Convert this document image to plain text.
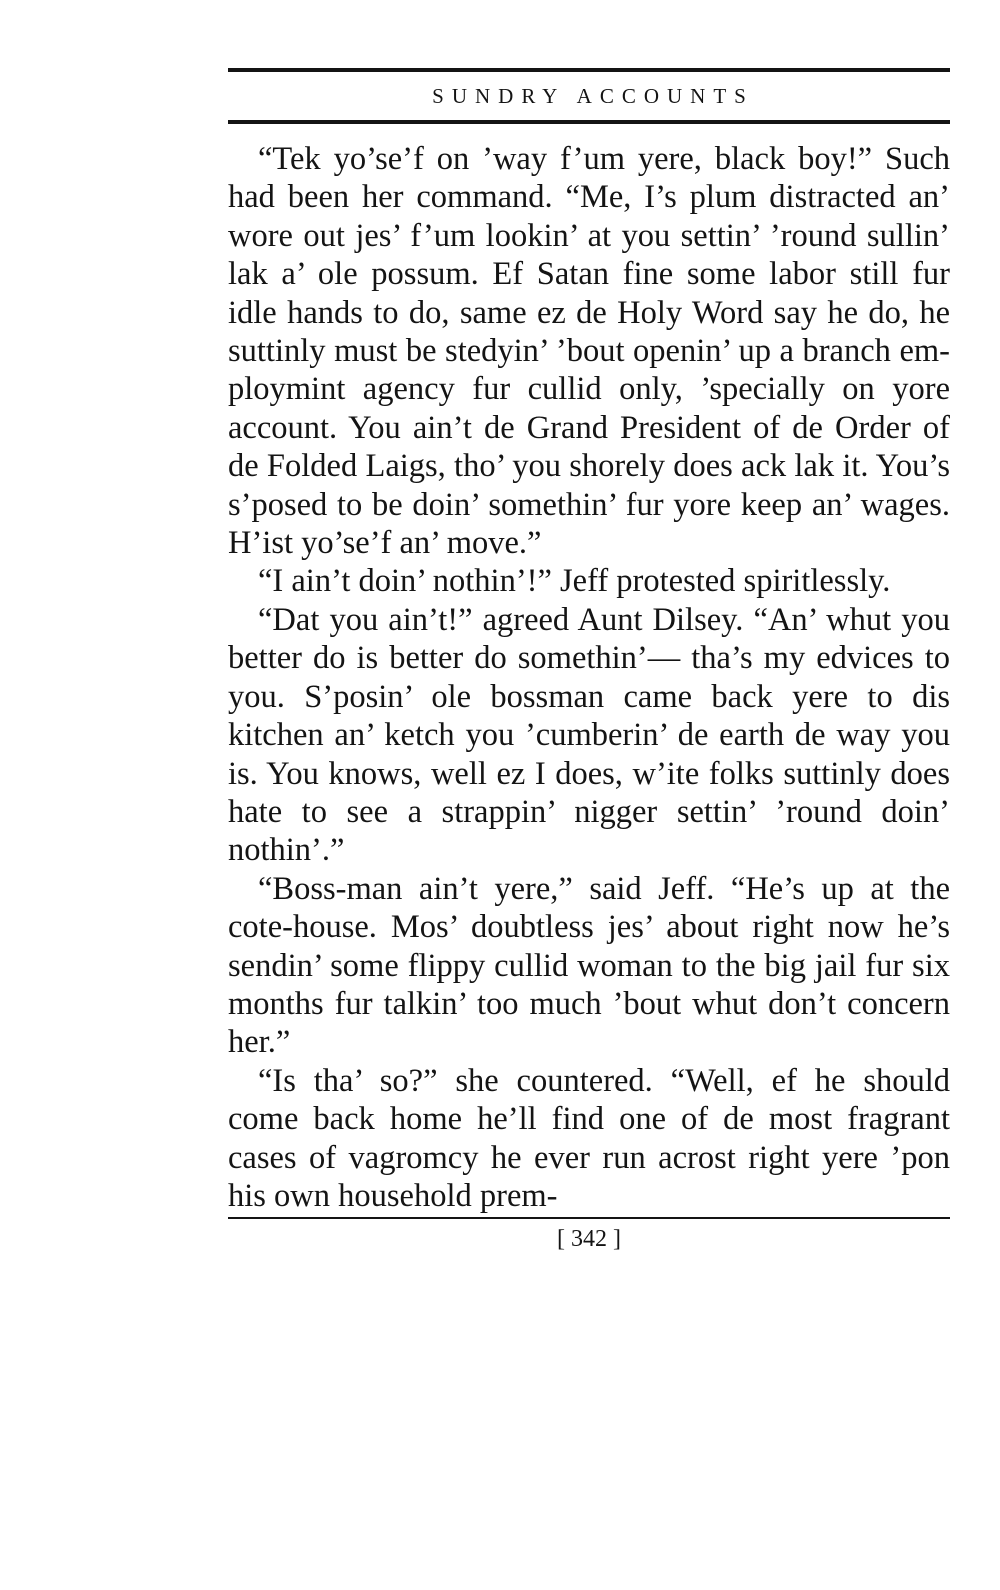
SUNDRY ACCOUNTS

“Tek yo’se’f on ’way f’um yere, black boy!” Such had been her command. “Me, I’s plum distracted an’ wore out jes’ f’um lookin’ at you settin’ ’round sullin’ lak a’ ole possum. Ef Satan fine some labor still fur idle hands to do, same ez de Holy Word say he do, he suttinly must be stedyin’ ’bout openin’ up a branch employmint agency fur cullid only, ’specially on yore account. You ain’t de Grand President of de Order of de Folded Laigs, tho’ you shorely does ack lak it. You’s s’posed to be doin’ somethin’ fur yore keep an’ wages. H’ist yo’se’f an’ move.”

“I ain’t doin’ nothin’!” Jeff protested spiritlessly.

“Dat you ain’t!” agreed Aunt Dilsey. “An’ whut you better do is better do somethin’— tha’s my edvices to you. S’posin’ ole bossman came back yere to dis kitchen an’ ketch you ’cumberin’ de earth de way you is. You knows, well ez I does, w’ite folks suttinly does hate to see a strappin’ nigger settin’ ’round doin’ nothin’.”

“Boss-man ain’t yere,” said Jeff. “He’s up at the cote-house. Mos’ doubtless jes’ about right now he’s sendin’ some flippy cullid woman to the big jail fur six months fur talkin’ too much ’bout whut don’t concern her.”

“Is tha’ so?” she countered. “Well, ef he should come back home he’ll find one of de most fragrant cases of vagromcy he ever run acrost right yere ’pon his own household prem-

[ 342 ]
